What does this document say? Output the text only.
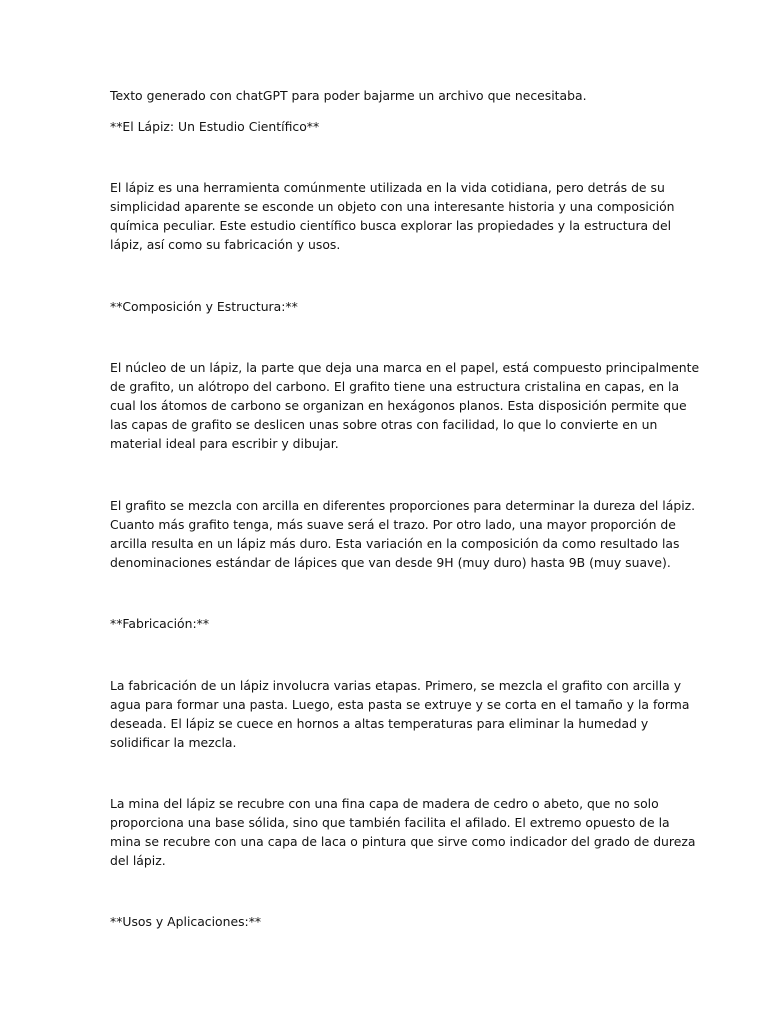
Texto generado con chatGPT para poder bajarme un archivo que necesitaba.

**El Lápiz: Un Estudio Científico**

El lápiz es una herramienta comúnmente utilizada en la vida cotidiana, pero detrás de su

simplicidad aparente se esconde un objeto con una interesante historia y una composición

química peculiar. Este estudio científico busca explorar las propiedades y la estructura del

lápiz, así como su fabricación y usos.

**Composición y Estructura:**

El núcleo de un lápiz, la parte que deja una marca en el papel, está compuesto principalmente

de grafito, un alótropo del carbono. El grafito tiene una estructura cristalina en capas, en la

cual los átomos de carbono se organizan en hexágonos planos. Esta disposición permite que

las capas de grafito se deslicen unas sobre otras con facilidad, lo que lo convierte en un

material ideal para escribir y dibujar.

El grafito se mezcla con arcilla en diferentes proporciones para determinar la dureza del lápiz.

Cuanto más grafito tenga, más suave será el trazo. Por otro lado, una mayor proporción de

arcilla resulta en un lápiz más duro. Esta variación en la composición da como resultado las

denominaciones estándar de lápices que van desde 9H (muy duro) hasta 9B (muy suave).

**Fabricación:**

La fabricación de un lápiz involucra varias etapas. Primero, se mezcla el grafito con arcilla y

agua para formar una pasta. Luego, esta pasta se extruye y se corta en el tamaño y la forma

deseada. El lápiz se cuece en hornos a altas temperaturas para eliminar la humedad y

solidificar la mezcla.

La mina del lápiz se recubre con una fina capa de madera de cedro o abeto, que no solo

proporciona una base sólida, sino que también facilita el afilado. El extremo opuesto de la

mina se recubre con una capa de laca o pintura que sirve como indicador del grado de dureza

del lápiz.

**Usos y Aplicaciones:**
